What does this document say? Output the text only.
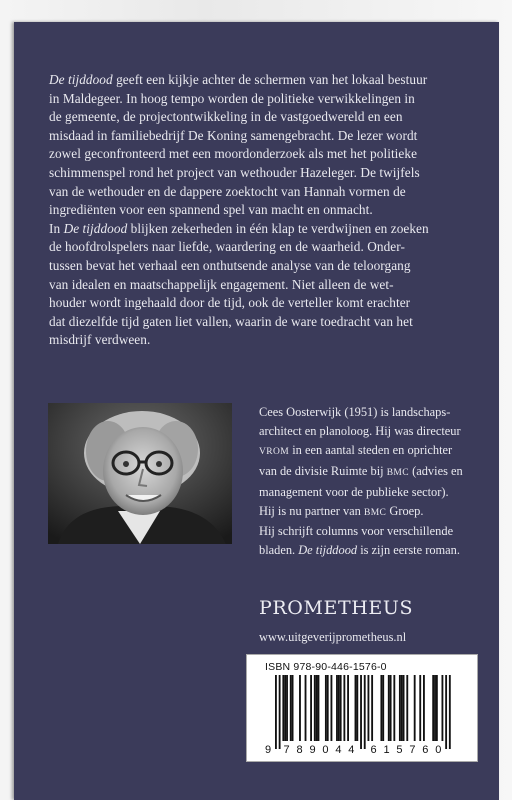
De tijddood geeft een kijkje achter de schermen van het lokaal bestuur

in Maldegeer. In hoog tempo worden de politieke verwikkelingen in

de gemeente, de projectontwikkeling in de vastgoedwereld en een

misdaad in familiebedrijf De Koning samengebracht. De lezer wordt

zowel geconfronteerd met een moordonderzoek als met het politieke

schimmenspel rond het project van wethouder Hazeleger. De twijfels

van de wethouder en de dappere zoektocht van Hannah vormen de

ingrediënten voor een spannend spel van macht en onmacht.

In De tijddood blijken zekerheden in één klap te verdwijnen en zoeken

de hoofdrolspelers naar liefde, waardering en de waarheid. Onder-

tussen bevat het verhaal een onthutsende analyse van de teloorgang

van idealen en maatschappelijk engagement. Niet alleen de wet-

houder wordt ingehaald door de tijd, ook de verteller komt erachter

dat diezelfde tijd gaten liet vallen, waarin de ware toedracht van het

misdrijf verdween.

Cees Oosterwijk (1951) is landschaps-

architect en planoloog. Hij was directeur

VROM in een aantal steden en oprichter

van de divisie Ruimte bij BMC (advies en

management voor de publieke sector).

Hij is nu partner van BMC Groep.

Hij schrijft columns voor verschillende

bladen. De tijddood is zijn eerste roman.

PROMETHEUS
www.uitgeverijprometheus.nl
ISBN 978-90-446-1576-0
9 7 8 9 0 4 4 6 1 5 7 6 0
